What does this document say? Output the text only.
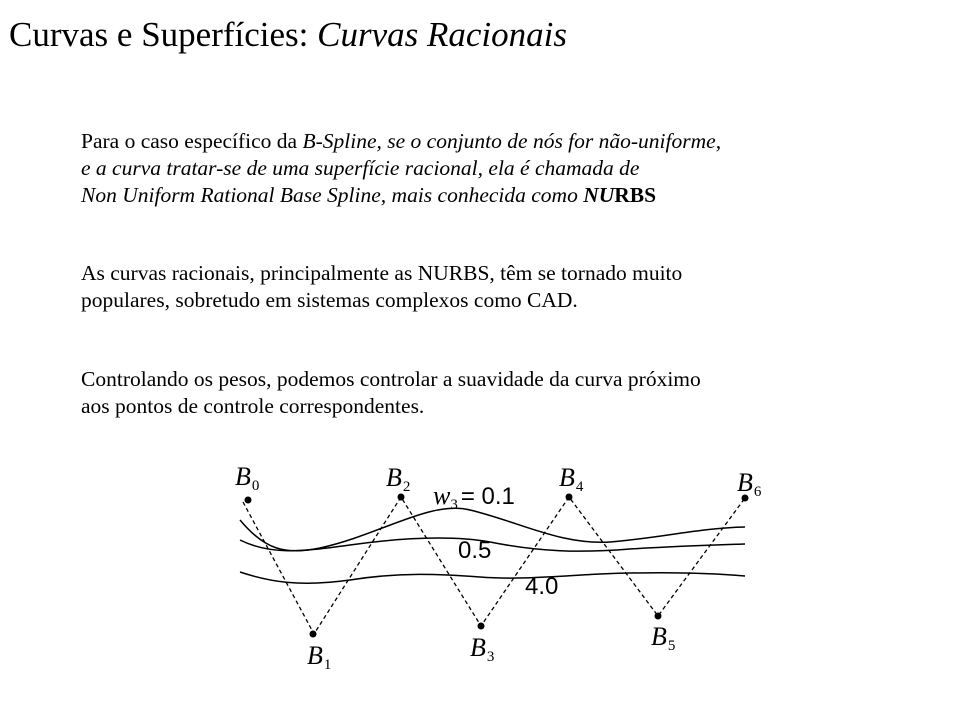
Curvas e Superfícies: Curvas Racionais
Para o caso específico da B-Spline, se o conjunto de nós for não-uniforme,
e a curva tratar-se de uma superfície racional, ela é chamada de
Non Uniform Rational Base Spline, mais conhecida como NURBS
As curvas racionais, principalmente as NURBS, têm se tornado muito
populares, sobretudo em sistemas complexos como CAD.
Controlando os pesos, podemos controlar a suavidade da curva próximo
aos pontos de controle correspondentes.
B0
B1
B2
B3
B4
B5
B6
w3 = 0.1
0.5
4.0
